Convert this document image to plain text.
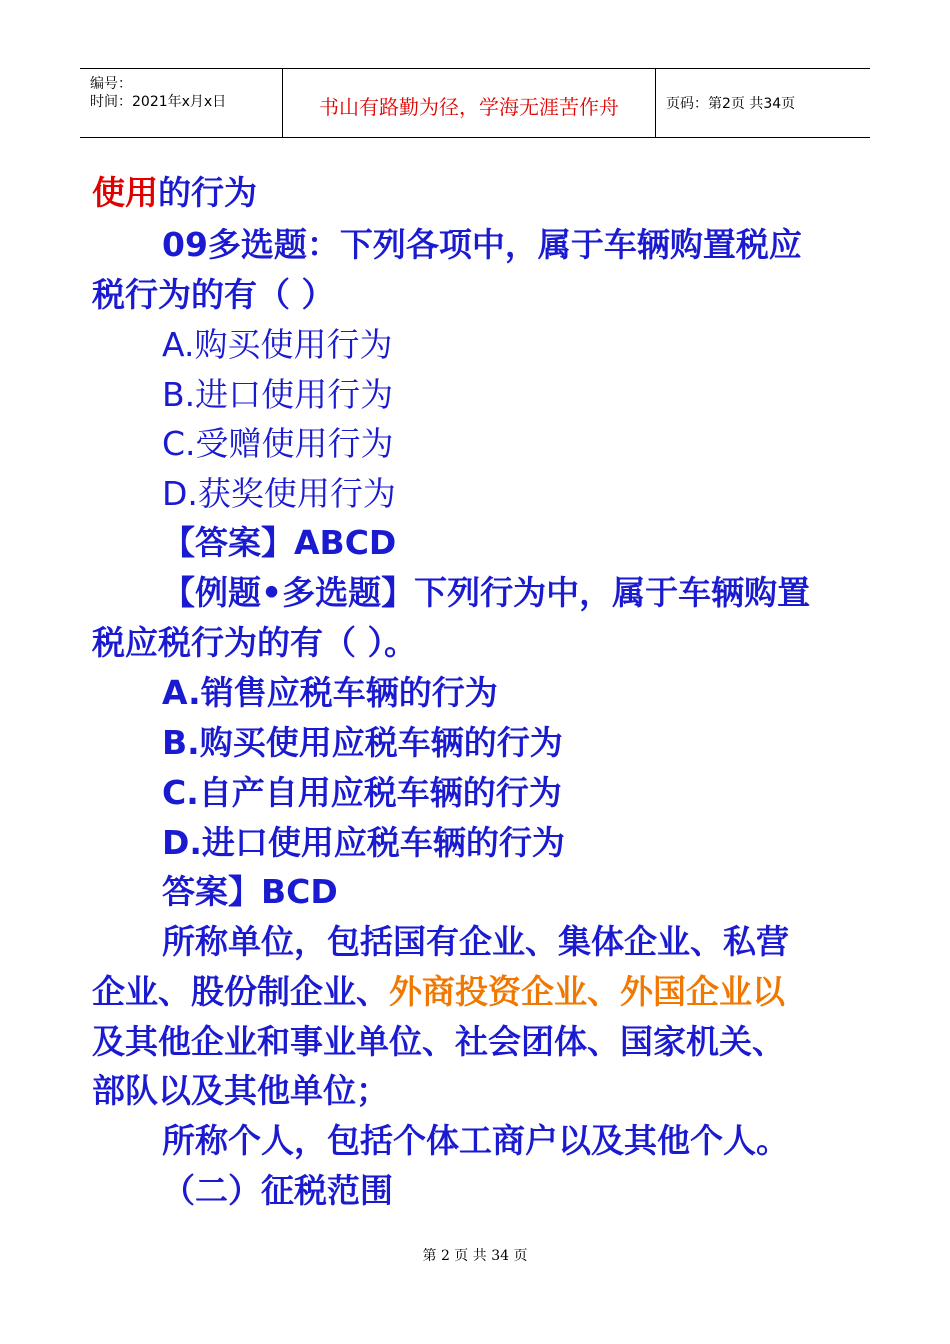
编号：
时间：2021年x月x日	书山有路勤为径，学海无涯苦作舟	页码：第2页 共34页
使用的行为
09多选题：下列各项中，属于车辆购置税应
税行为的有（ ）
A.购买使用行为
B.进口使用行为
C.受赠使用行为
D.获奖使用行为
【答案】ABCD
【例题•多选题】下列行为中，属于车辆购置
税应税行为的有（ ）。
A.销售应税车辆的行为
B.购买使用应税车辆的行为
C.自产自用应税车辆的行为
D.进口使用应税车辆的行为
答案】BCD
所称单位，包括国有企业、集体企业、私营
企业、股份制企业、外商投资企业、外国企业以
及其他企业和事业单位、社会团体、国家机关、
部队以及其他单位；
所称个人，包括个体工商户以及其他个人。
（二）征税范围
第 2 页 共 34 页
